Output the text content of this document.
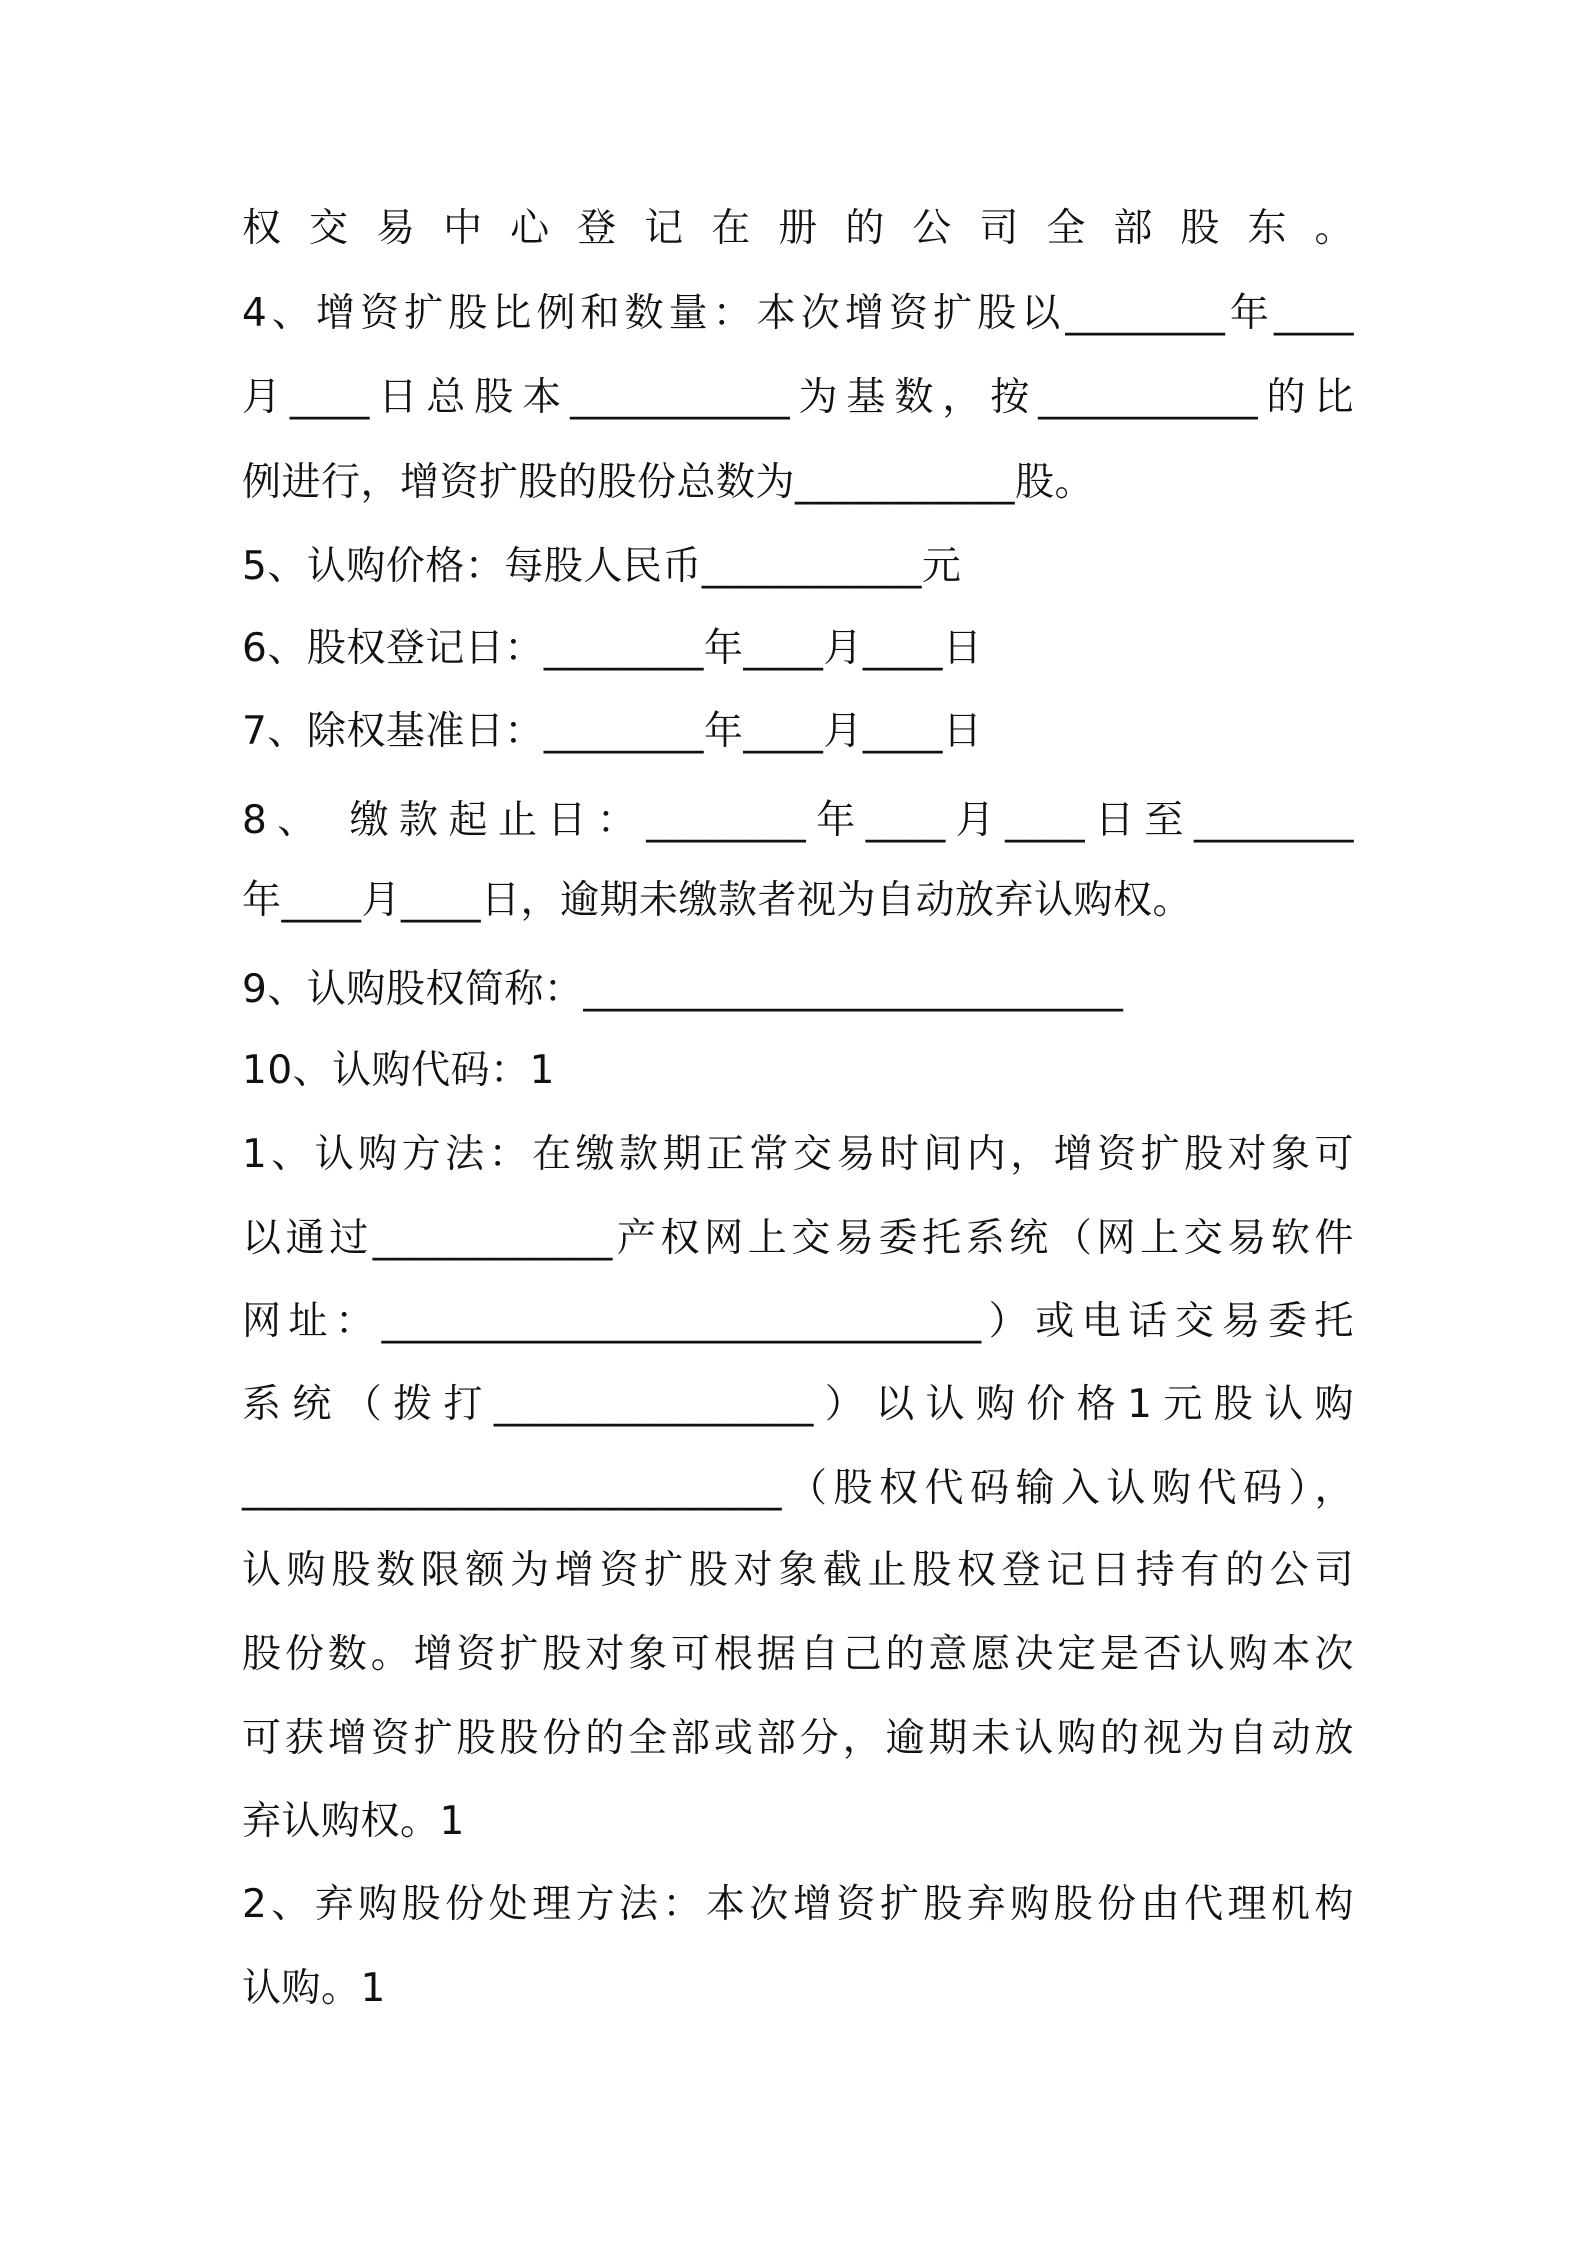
权交易中心登记在册的公司全部股东。
4、增资扩股比例和数量：本次增资扩股以________年____
月____日总股本___________为基数，按___________的比
例进行，增资扩股的股份总数为___________股。
5、认购价格：每股人民币___________元
6、股权登记日：________年____月____日
7、除权基准日：________年____月____日
8、 缴款起止日：________年____月____日至________
年____月____日，逾期未缴款者视为自动放弃认购权。
9、认购股权简称：___________________________
10、认购代码：1
1、认购方法：在缴款期正常交易时间内，增资扩股对象可
以通过____________产权网上交易委托系统（网上交易软件
网址：______________________________）或电话交易委托
系统（拨打________________）以认购价格1元股认购
___________________________（股权代码输入认购代码），
认购股数限额为增资扩股对象截止股权登记日持有的公司
股份数。增资扩股对象可根据自己的意愿决定是否认购本次
可获增资扩股股份的全部或部分，逾期未认购的视为自动放
弃认购权。1
2、弃购股份处理方法：本次增资扩股弃购股份由代理机构
认购。1
